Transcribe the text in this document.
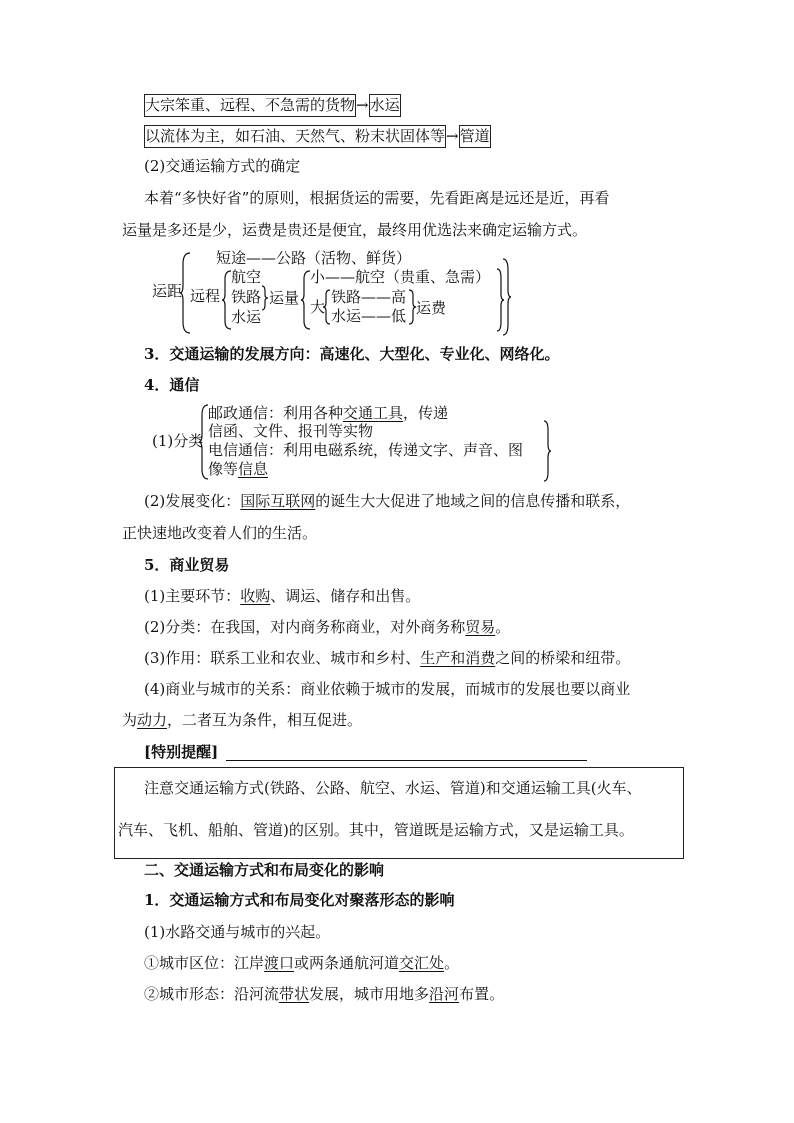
大宗笨重、远程、不急需的货物→水运
以流体为主，如石油、天然气、粉末状固体等→管道
(2)交通运输方式的确定
本着“多快好省”的原则，根据货运的需要，先看距离是远还是近，再看
运量是多还是少，运费是贵还是便宜，最终用优选法来确定运输方式。
运距
短途——公路（活物、鲜货）
远程
航空
铁路
水运
运量
小——航空（贵重、急需）
大
铁路——高
水运——低 运费
3．交通运输的发展方向：高速化、大型化、专业化、网络化。
4．通信
(1)分类
邮政通信：利用各种交通工具，传递
信函、文件、报刊等实物
电信通信：利用电磁系统，传递文字、声音、图
像等信息
(2)发展变化：国际互联网的诞生大大促进了地域之间的信息传播和联系，
正快速地改变着人们的生活。
5．商业贸易
(1)主要环节：收购、调运、储存和出售。
(2)分类：在我国，对内商务称商业，对外商务称贸易。
(3)作用：联系工业和农业、城市和乡村、生产和消费之间的桥梁和纽带。
(4)商业与城市的关系：商业依赖于城市的发展，而城市的发展也要以商业
为动力，二者互为条件，相互促进。
[特别提醒]
注意交通运输方式(铁路、公路、航空、水运、管道)和交通运输工具(火车、
汽车、飞机、船舶、管道)的区别。其中，管道既是运输方式，又是运输工具。
二、交通运输方式和布局变化的影响
1．交通运输方式和布局变化对聚落形态的影响
(1)水路交通与城市的兴起。
①城市区位：江岸渡口或两条通航河道交汇处。
②城市形态：沿河流带状发展，城市用地多沿河布置。
